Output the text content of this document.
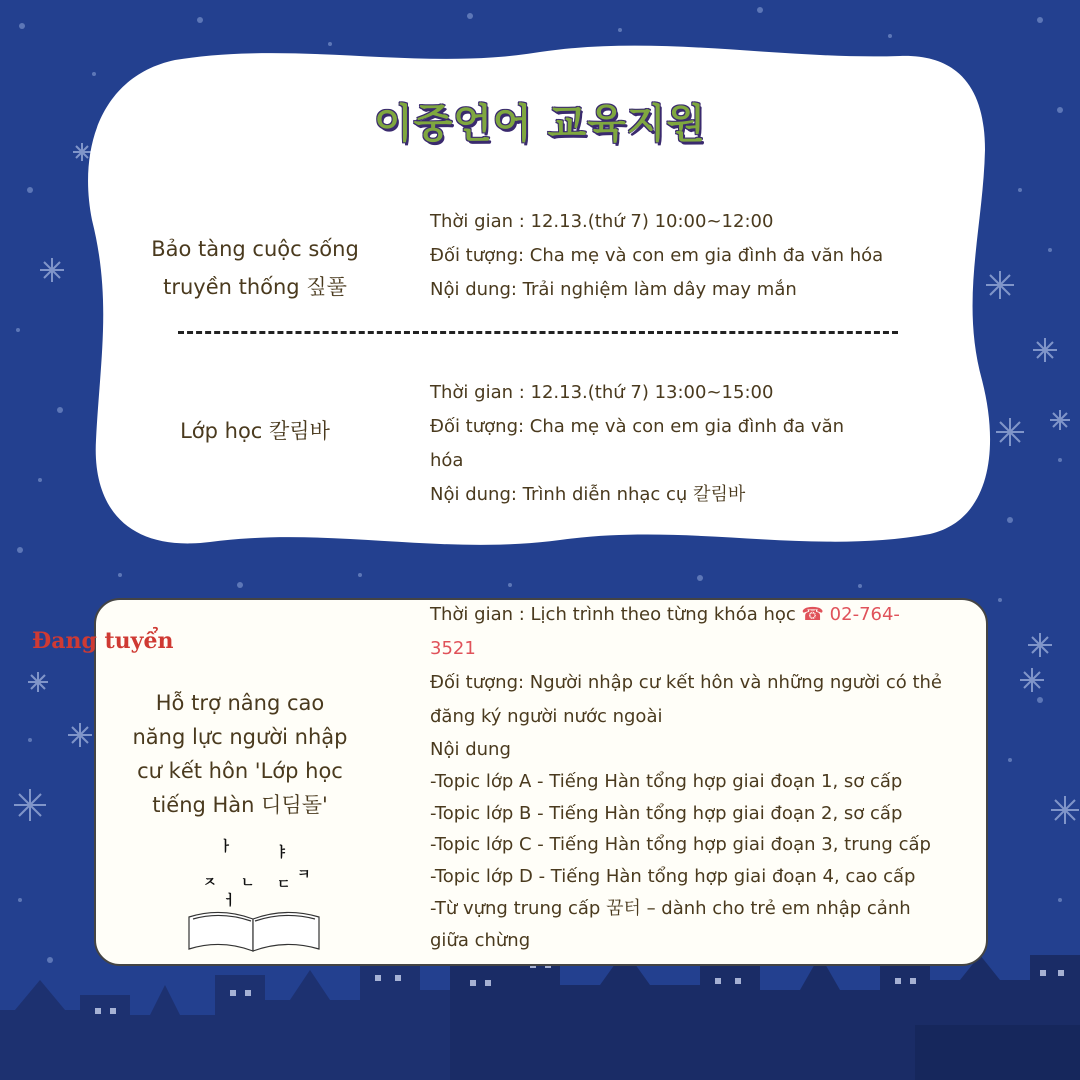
이중언어 교육지원
Bảo tàng cuộc sống
truyền thống 짚풀
Thời gian : 12.13.(thứ 7) 10:00~12:00
Đối tượng: Cha mẹ và con em gia đình đa văn hóa
Nội dung: Trải nghiệm làm dây may mắn
Lớp học 칼림바
Thời gian : 12.13.(thứ 7) 13:00~15:00
Đối tượng: Cha mẹ và con em gia đình đa văn
hóa
Nội dung: Trình diễn nhạc cụ 칼림바
Đang tuyển
Hỗ trợ nâng cao
năng lực người nhập
cư kết hôn 'Lớp học
tiếng Hàn 디딤돌'
ㅏ	ㅑ
ㅋ
ㄴ
ㅈ	ㄷ
ㅓ
Thời gian : Lịch trình theo từng khóa học ☎ 02-764-
3521
Đối tượng: Người nhập cư kết hôn và những người có thẻ
đăng ký người nước ngoài
Nội dung
-Topic lớp A - Tiếng Hàn tổng hợp giai đoạn 1, sơ cấp
-Topic lớp B - Tiếng Hàn tổng hợp giai đoạn 2, sơ cấp
-Topic lớp C - Tiếng Hàn tổng hợp giai đoạn 3, trung cấp
-Topic lớp D - Tiếng Hàn tổng hợp giai đoạn 4, cao cấp
-Từ vựng trung cấp 꿈터 – dành cho trẻ em nhập cảnh
giữa chừng
